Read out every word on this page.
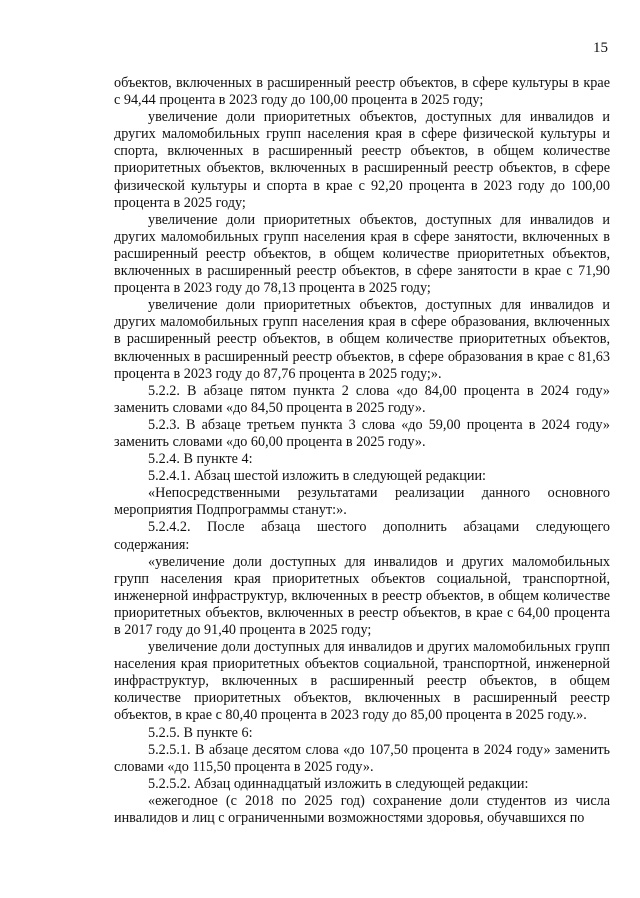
15

объектов, включенных в расширенный реестр объектов, в сфере культуры в крае с 94,44 процента в 2023 году до 100,00 процента в 2025 году;

увеличение доли приоритетных объектов, доступных для инвалидов и других маломобильных групп населения края в сфере физической культуры и спорта, включенных в расширенный реестр объектов, в общем количестве приоритетных объектов, включенных в расширенный реестр объектов, в сфере физической культуры и спорта в крае с 92,20 процента в 2023 году до 100,00 процента в 2025 году;

увеличение доли приоритетных объектов, доступных для инвалидов и других маломобильных групп населения края в сфере занятости, включенных в расширенный реестр объектов, в общем количестве приоритетных объектов, включенных в расширенный реестр объектов, в сфере занятости в крае с 71,90 процента в 2023 году до 78,13 процента в 2025 году;

увеличение доли приоритетных объектов, доступных для инвалидов и других маломобильных групп населения края в сфере образования, включенных в расширенный реестр объектов, в общем количестве приоритетных объектов, включенных в расширенный реестр объектов, в сфере образования в крае с 81,63 процента в 2023 году до 87,76 процента в 2025 году;».

5.2.2. В абзаце пятом пункта 2 слова «до 84,00 процента в 2024 году» заменить словами «до 84,50 процента в 2025 году».

5.2.3. В абзаце третьем пункта 3 слова «до 59,00 процента в 2024 году» заменить словами «до 60,00 процента в 2025 году».

5.2.4. В пункте 4:

5.2.4.1. Абзац шестой изложить в следующей редакции:

«Непосредственными результатами реализации данного основного мероприятия Подпрограммы станут:».

5.2.4.2. После абзаца шестого дополнить абзацами следующего содержания:

«увеличение доли доступных для инвалидов и других маломобильных групп населения края приоритетных объектов социальной, транспортной, инженерной инфраструктур, включенных в реестр объектов, в общем количестве приоритетных объектов, включенных в реестр объектов, в крае с 64,00 процента в 2017 году до 91,40 процента в 2025 году;

увеличение доли доступных для инвалидов и других маломобильных групп населения края приоритетных объектов социальной, транспортной, инженерной инфраструктур, включенных в расширенный реестр объектов, в общем количестве приоритетных объектов, включенных в расширенный реестр объектов, в крае с 80,40 процента в 2023 году до 85,00 процента в 2025 году.».

5.2.5. В пункте 6:

5.2.5.1. В абзаце десятом слова «до 107,50 процента в 2024 году» заменить словами «до 115,50 процента в 2025 году».

5.2.5.2. Абзац одиннадцатый изложить в следующей редакции:

«ежегодное (с 2018 по 2025 год) сохранение доли студентов из числа инвалидов и лиц с ограниченными возможностями здоровья, обучавшихся по
